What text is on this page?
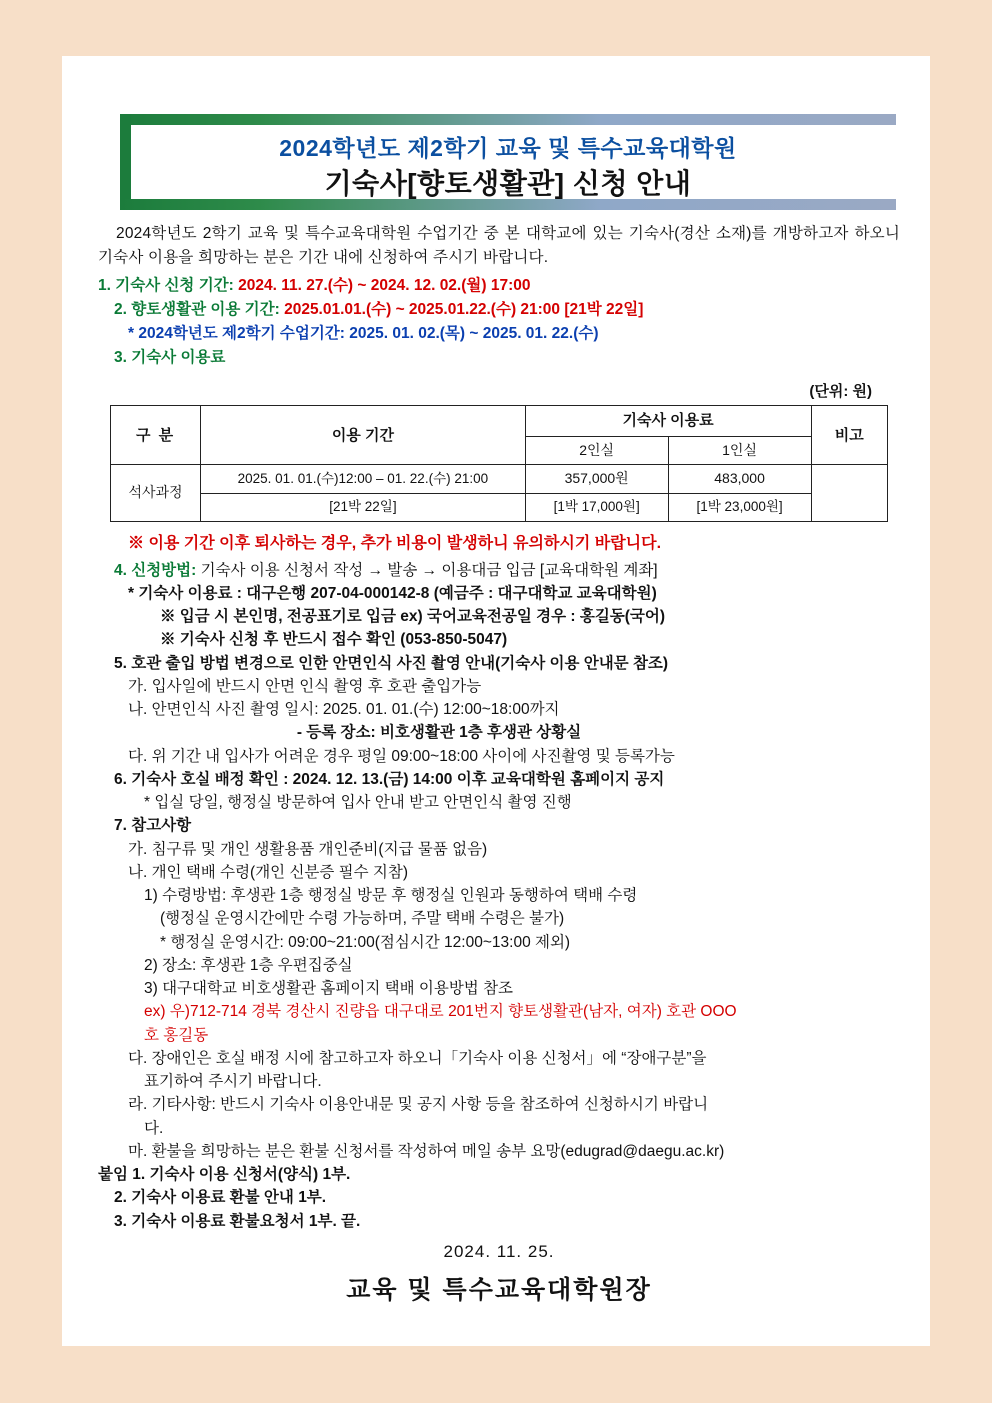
2024학년도 제2학기 교육 및 특수교육대학원
기숙사[향토생활관] 신청 안내
2024학년도 2학기 교육 및 특수교육대학원 수업기간 중 본 대학교에 있는 기숙사(경산 소재)를 개방하고자 하오니 기숙사 이용을 희망하는 분은 기간 내에 신청하여 주시기 바랍니다.
1. 기숙사 신청 기간: 2024. 11. 27.(수) ~ 2024. 12. 02.(월) 17:00
2. 향토생활관 이용 기간: 2025.01.01.(수) ~ 2025.01.22.(수) 21:00 [21박 22일]
* 2024학년도 제2학기 수업기간: 2025. 01. 02.(목) ~ 2025. 01. 22.(수)
3. 기숙사 이용료
(단위: 원)
구 분	이용 기간	기숙사 이용료		비고
		2인실	1인실	
석사과정	2025. 01. 01.(수)12:00 – 01. 22.(수) 21:00	357,000원	483,000	
	[21박 22일]	[1박 17,000원]	[1박 23,000원]	
※ 이용 기간 이후 퇴사하는 경우, 추가 비용이 발생하니 유의하시기 바랍니다.
4. 신청방법: 기숙사 이용 신청서 작성 → 발송 → 이용대금 입금 [교육대학원 계좌]
* 기숙사 이용료 : 대구은행 207-04-000142-8 (예금주 : 대구대학교 교육대학원)
※ 입금 시 본인명, 전공표기로 입금 ex) 국어교육전공일 경우 : 홍길동(국어)
※ 기숙사 신청 후 반드시 접수 확인 (053-850-5047)
5. 호관 출입 방법 변경으로 인한 안면인식 사진 촬영 안내(기숙사 이용 안내문 참조)
가. 입사일에 반드시 안면 인식 촬영 후 호관 출입가능
나. 안면인식 사진 촬영 일시: 2025. 01. 01.(수) 12:00~18:00까지
- 등록 장소: 비호생활관 1층 후생관 상황실
다. 위 기간 내 입사가 어려운 경우 평일 09:00~18:00 사이에 사진촬영 및 등록가능
6. 기숙사 호실 배정 확인 : 2024. 12. 13.(금) 14:00 이후 교육대학원 홈페이지 공지
* 입실 당일, 행정실 방문하여 입사 안내 받고 안면인식 촬영 진행
7. 참고사항
가. 침구류 및 개인 생활용품 개인준비(지급 물품 없음)
나. 개인 택배 수령(개인 신분증 필수 지참)
1) 수령방법: 후생관 1층 행정실 방문 후 행정실 인원과 동행하여 택배 수령
(행정실 운영시간에만 수령 가능하며, 주말 택배 수령은 불가)
* 행정실 운영시간: 09:00~21:00(점심시간 12:00~13:00 제외)
2) 장소: 후생관 1층 우편집중실
3) 대구대학교 비호생활관 홈페이지 택배 이용방법 참조
ex) 우)712-714 경북 경산시 진량읍 대구대로 201번지 향토생활관(남자, 여자) 호관 OOO
호 홍길동
다. 장애인은 호실 배정 시에 참고하고자 하오니「기숙사 이용 신청서」에 “장애구분”을
표기하여 주시기 바랍니다.
라. 기타사항: 반드시 기숙사 이용안내문 및 공지 사항 등을 참조하여 신청하시기 바랍니
다.
마. 환불을 희망하는 분은 환불 신청서를 작성하여 메일 송부 요망(edugrad@daegu.ac.kr)
붙임 1. 기숙사 이용 신청서(양식) 1부.
2. 기숙사 이용료 환불 안내 1부.
3. 기숙사 이용료 환불요청서 1부. 끝.
2024. 11. 25.
교육 및 특수교육대학원장
